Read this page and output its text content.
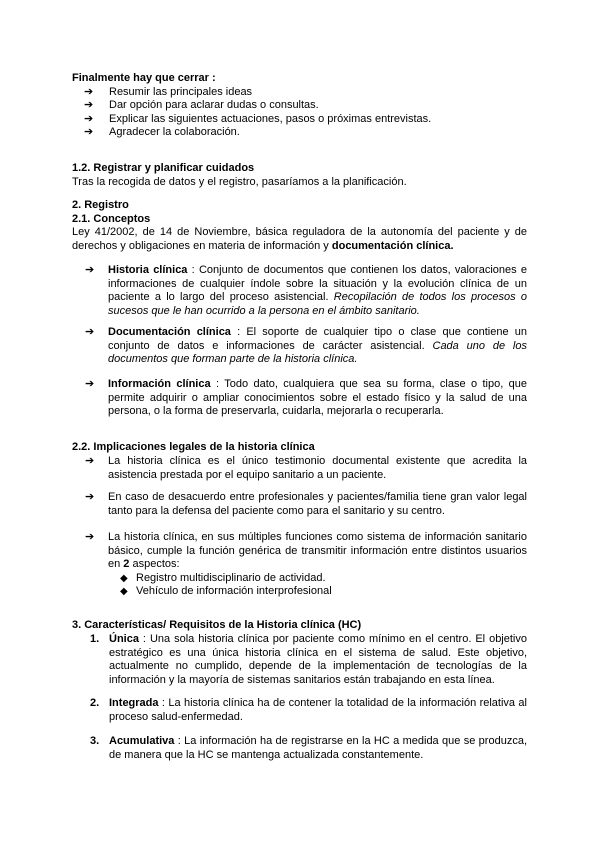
Finalmente hay que cerrar :
➔ Resumir las principales ideas
➔ Dar opción para aclarar dudas o consultas.
➔ Explicar las siguientes actuaciones, pasos o próximas entrevistas.
➔ Agradecer la colaboración.
1.2. Registrar y planificar cuidados
Tras la recogida de datos y el registro, pasaríamos a la planificación.
2. Registro
2.1. Conceptos
Ley 41/2002, de 14 de Noviembre, básica reguladora de la autonomía del paciente y de derechos y obligaciones en materia de información y documentación clínica.
➔ Historia clínica : Conjunto de documentos que contienen los datos, valoraciones e informaciones de cualquier índole sobre la situación y la evolución clínica de un paciente a lo largo del proceso asistencial. Recopilación de todos los procesos o sucesos que le han ocurrido a la persona en el ámbito sanitario.
➔ Documentación clínica : El soporte de cualquier tipo o clase que contiene un conjunto de datos e informaciones de carácter asistencial. Cada uno de los documentos que forman parte de la historia clínica.
➔ Información clínica : Todo dato, cualquiera que sea su forma, clase o tipo, que permite adquirir o ampliar conocimientos sobre el estado físico y la salud de una persona, o la forma de preservarla, cuidarla, mejorarla o recuperarla.
2.2. Implicaciones legales de la historia clínica
➔ La historia clínica es el único testimonio documental existente que acredita la asistencia prestada por el equipo sanitario a un paciente.
➔ En caso de desacuerdo entre profesionales y pacientes/familia tiene gran valor legal tanto para la defensa del paciente como para el sanitario y su centro.
➔ La historia clínica, en sus múltiples funciones como sistema de información sanitario básico, cumple la función genérica de transmitir información entre distintos usuarios en 2 aspectos:
◆ Registro multidisciplinario de actividad.
◆ Vehículo de información interprofesional
3. Características/ Requisitos de la Historia clínica (HC)
1. Única : Una sola historia clínica por paciente como mínimo en el centro. El objetivo estratégico es una única historia clínica en el sistema de salud. Este objetivo, actualmente no cumplido, depende de la implementación de tecnologías de la información y la mayoría de sistemas sanitarios están trabajando en esta línea.
2. Integrada : La historia clínica ha de contener la totalidad de la información relativa al proceso salud-enfermedad.
3. Acumulativa : La información ha de registrarse en la HC a medida que se produzca, de manera que la HC se mantenga actualizada constantemente.
